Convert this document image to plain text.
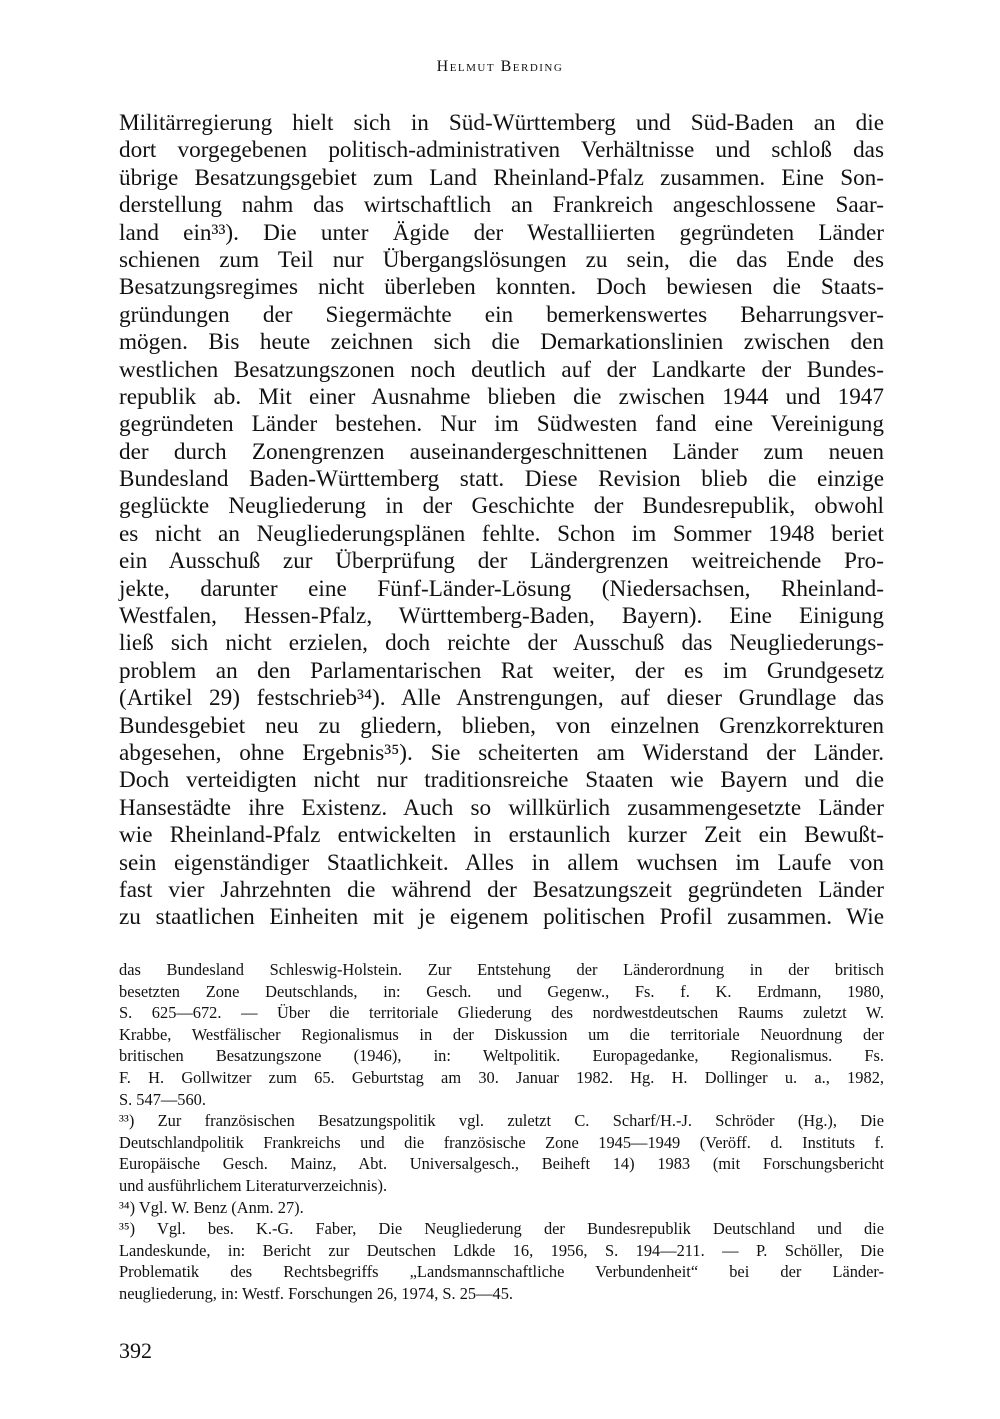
Helmut Berding
Militärregierung hielt sich in Süd-Württemberg und Süd-Baden an die
dort vorgegebenen politisch-administrativen Verhältnisse und schloß das
übrige Besatzungsgebiet zum Land Rheinland-Pfalz zusammen. Eine Son-
derstellung nahm das wirtschaftlich an Frankreich angeschlossene Saar-
land ein³³). Die unter Ägide der Westalliierten gegründeten Länder
schienen zum Teil nur Übergangslösungen zu sein, die das Ende des
Besatzungsregimes nicht überleben konnten. Doch bewiesen die Staats-
gründungen der Siegermächte ein bemerkenswertes Beharrungsver-
mögen. Bis heute zeichnen sich die Demarkationslinien zwischen den
westlichen Besatzungszonen noch deutlich auf der Landkarte der Bundes-
republik ab. Mit einer Ausnahme blieben die zwischen 1944 und 1947
gegründeten Länder bestehen. Nur im Südwesten fand eine Vereinigung
der durch Zonengrenzen auseinandergeschnittenen Länder zum neuen
Bundesland Baden-Württemberg statt. Diese Revision blieb die einzige
geglückte Neugliederung in der Geschichte der Bundesrepublik, obwohl
es nicht an Neugliederungsplänen fehlte. Schon im Sommer 1948 beriet
ein Ausschuß zur Überprüfung der Ländergrenzen weitreichende Pro-
jekte, darunter eine Fünf-Länder-Lösung (Niedersachsen, Rheinland-
Westfalen, Hessen-Pfalz, Württemberg-Baden, Bayern). Eine Einigung
ließ sich nicht erzielen, doch reichte der Ausschuß das Neugliederungs-
problem an den Parlamentarischen Rat weiter, der es im Grundgesetz
(Artikel 29) festschrieb³⁴). Alle Anstrengungen, auf dieser Grundlage das
Bundesgebiet neu zu gliedern, blieben, von einzelnen Grenzkorrekturen
abgesehen, ohne Ergebnis³⁵). Sie scheiterten am Widerstand der Länder.
Doch verteidigten nicht nur traditionsreiche Staaten wie Bayern und die
Hansestädte ihre Existenz. Auch so willkürlich zusammengesetzte Länder
wie Rheinland-Pfalz entwickelten in erstaunlich kurzer Zeit ein Bewußt-
sein eigenständiger Staatlichkeit. Alles in allem wuchsen im Laufe von
fast vier Jahrzehnten die während der Besatzungszeit gegründeten Länder
zu staatlichen Einheiten mit je eigenem politischen Profil zusammen. Wie
das Bundesland Schleswig-Holstein. Zur Entstehung der Länderordnung in der britisch
besetzten Zone Deutschlands, in: Gesch. und Gegenw., Fs. f. K. Erdmann, 1980,
S. 625—672. — Über die territoriale Gliederung des nordwestdeutschen Raums zuletzt W.
Krabbe, Westfälischer Regionalismus in der Diskussion um die territoriale Neuordnung der
britischen Besatzungszone (1946), in: Weltpolitik. Europagedanke, Regionalismus. Fs.
F. H. Gollwitzer zum 65. Geburtstag am 30. Januar 1982. Hg. H. Dollinger u. a., 1982,
S. 547—560.
³³) Zur französischen Besatzungspolitik vgl. zuletzt C. Scharf/H.-J. Schröder (Hg.), Die
Deutschlandpolitik Frankreichs und die französische Zone 1945—1949 (Veröff. d. Instituts f.
Europäische Gesch. Mainz, Abt. Universalgesch., Beiheft 14) 1983 (mit Forschungsbericht
und ausführlichem Literaturverzeichnis).
³⁴) Vgl. W. Benz (Anm. 27).
³⁵) Vgl. bes. K.-G. Faber, Die Neugliederung der Bundesrepublik Deutschland und die
Landeskunde, in: Bericht zur Deutschen Ldkde 16, 1956, S. 194—211. — P. Schöller, Die
Problematik des Rechtsbegriffs „Landsmannschaftliche Verbundenheit“ bei der Länder-
neugliederung, in: Westf. Forschungen 26, 1974, S. 25—45.
392
